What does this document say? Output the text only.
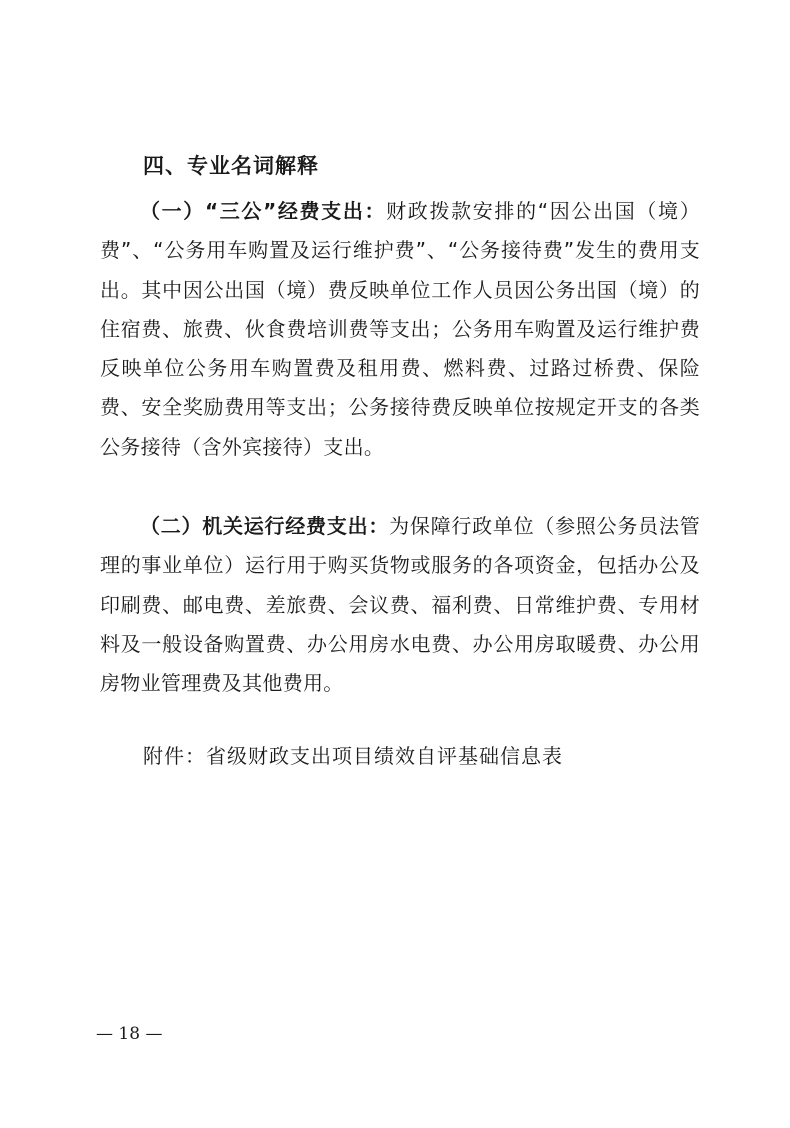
四、专业名词解释

（一）“三公”经费支出：财政拨款安排的“因公出国（境）费”、“公务用车购置及运行维护费”、“公务接待费”发生的费用支出。其中因公出国（境）费反映单位工作人员因公务出国（境）的住宿费、旅费、伙食费培训费等支出；公务用车购置及运行维护费反映单位公务用车购置费及租用费、燃料费、过路过桥费、保险费、安全奖励费用等支出；公务接待费反映单位按规定开支的各类公务接待（含外宾接待）支出。

（二）机关运行经费支出：为保障行政单位（参照公务员法管理的事业单位）运行用于购买货物或服务的各项资金，包括办公及印刷费、邮电费、差旅费、会议费、福利费、日常维护费、专用材料及一般设备购置费、办公用房水电费、办公用房取暖费、办公用房物业管理费及其他费用。

附件：省级财政支出项目绩效自评基础信息表
— 18 —
